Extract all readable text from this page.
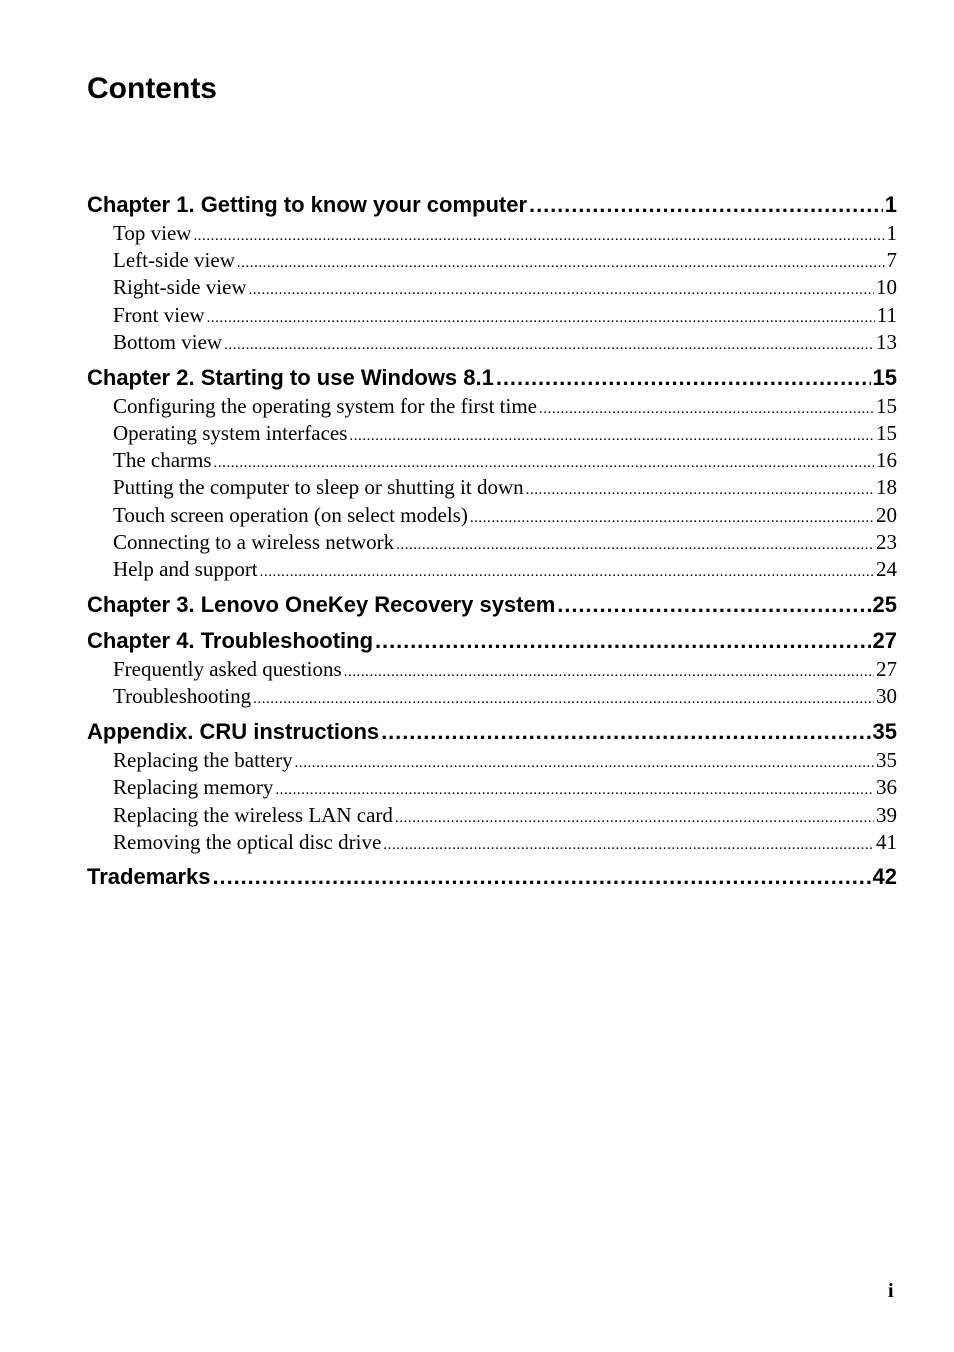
Contents
Chapter 1. Getting to know your computer . . .	1
Top view . . .	1
Left-side view . . .	7
Right-side view . . .	10
Front view . . .	11
Bottom view . . .	13
Chapter 2. Starting to use Windows 8.1 . . .	15
Configuring the operating system for the first time . . .	15
Operating system interfaces . . .	15
The charms . . .	16
Putting the computer to sleep or shutting it down . . .	18
Touch screen operation (on select models) . . .	20
Connecting to a wireless network . . .	23
Help and support . . .	24
Chapter 3. Lenovo OneKey Recovery system . . .	25
Chapter 4. Troubleshooting . . .	27
Frequently asked questions . . .	27
Troubleshooting . . .	30
Appendix. CRU instructions . . .	35
Replacing the battery . . .	35
Replacing memory . . .	36
Replacing the wireless LAN card . . .	39
Removing the optical disc drive . . .	41
Trademarks . . .	42
i
